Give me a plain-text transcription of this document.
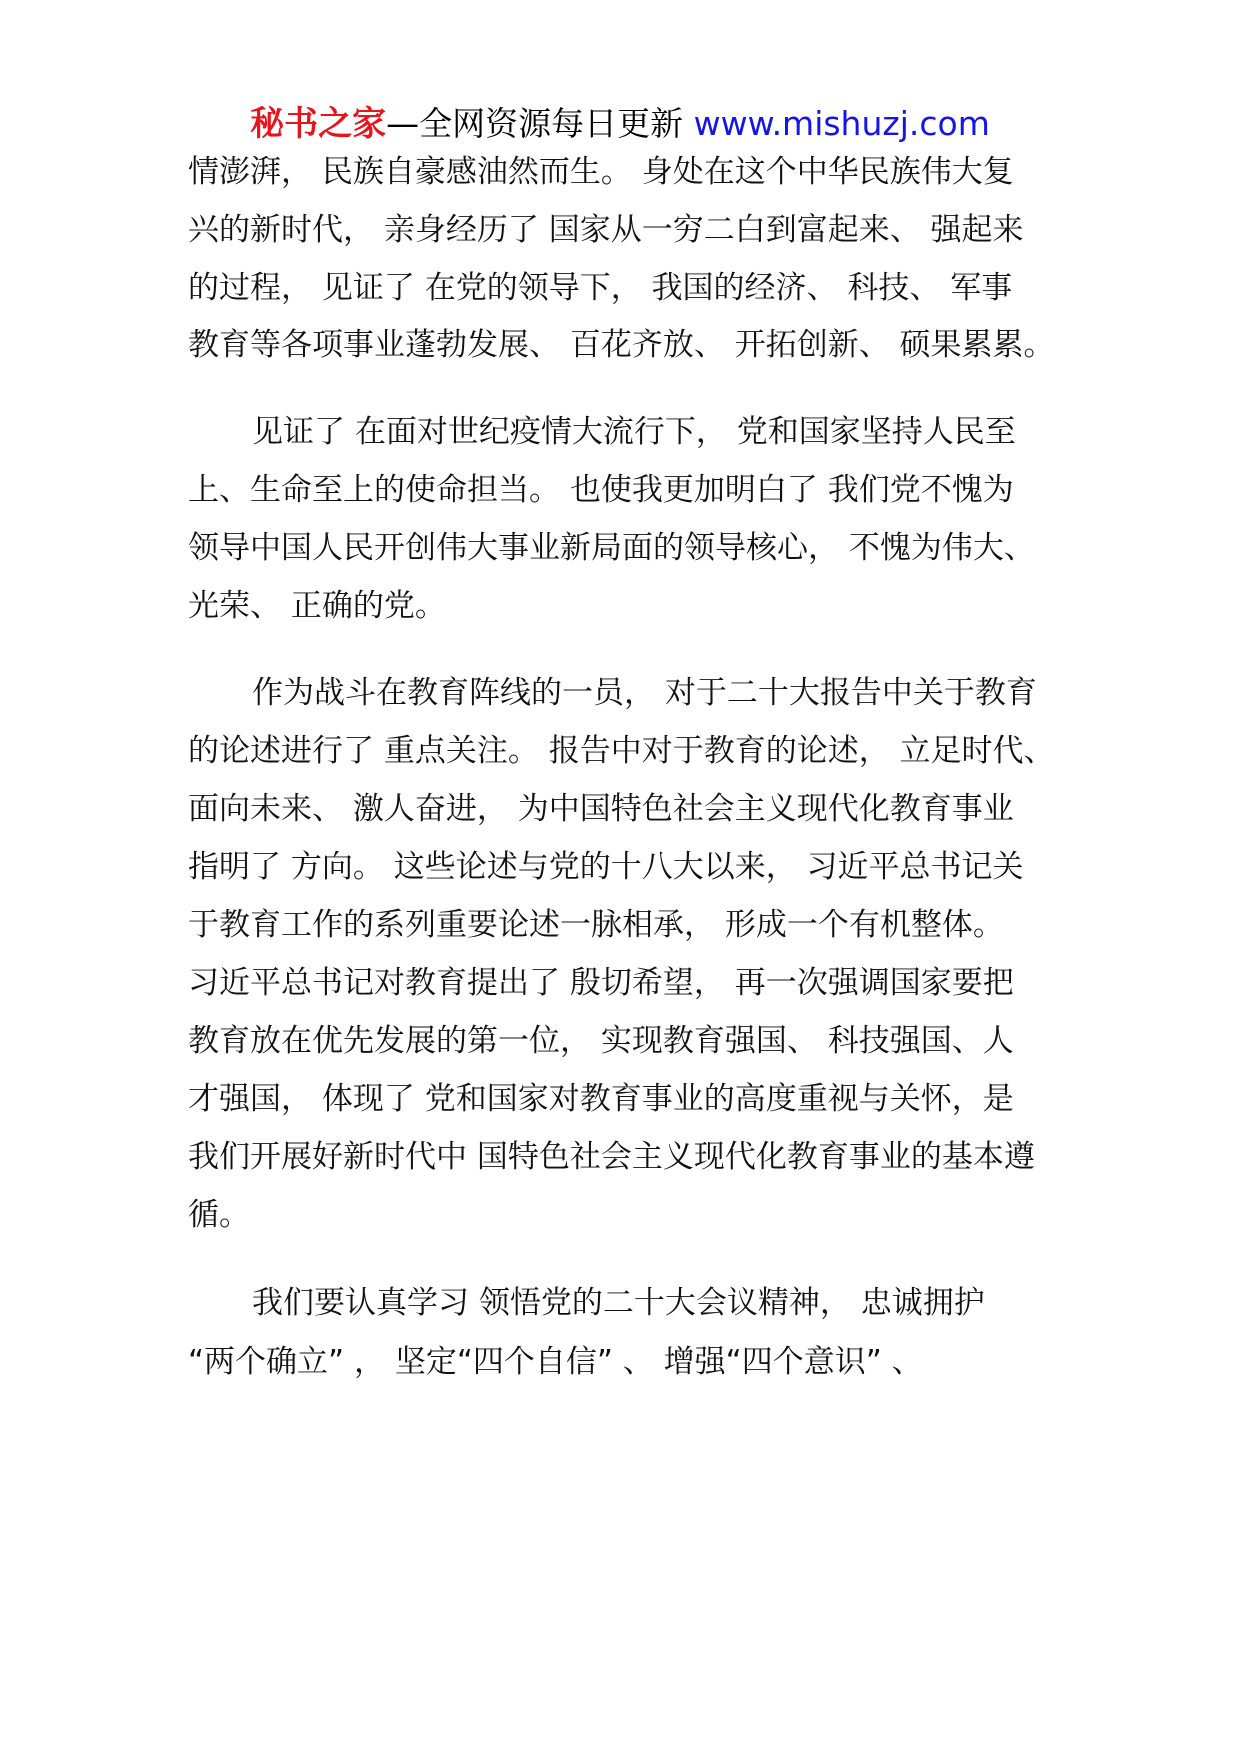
秘书之家—全网资源每日更新 www.mishuzj.com
情澎湃， 民族自豪感油然而生。 身处在这个中华民族伟大复
兴的新时代， 亲身经历了 国家从一穷二白到富起来、 强起来
的过程， 见证了 在党的领导下， 我国的经济、 科技、 军事
教育等各项事业蓬勃发展、 百花齐放、 开拓创新、 硕果累累。
见证了 在面对世纪疫情大流行下， 党和国家坚持人民至
上、生命至上的使命担当。 也使我更加明白了 我们党不愧为
领导中国人民开创伟大事业新局面的领导核心， 不愧为伟大、
光荣、 正确的党。
作为战斗在教育阵线的一员， 对于二十大报告中关于教育
的论述进行了 重点关注。 报告中对于教育的论述， 立足时代、
面向未来、 激人奋进， 为中国特色社会主义现代化教育事业
指明了 方向。 这些论述与党的十八大以来， 习近平总书记关
于教育工作的系列重要论述一脉相承， 形成一个有机整体。
习近平总书记对教育提出了 殷切希望， 再一次强调国家要把
教育放在优先发展的第一位， 实现教育强国、 科技强国、人
才强国， 体现了 党和国家对教育事业的高度重视与关怀，是
我们开展好新时代中 国特色社会主义现代化教育事业的基本遵
循。
我们要认真学习 领悟党的二十大会议精神， 忠诚拥护
“两个确立” ， 坚定“四个自信” 、 增强“四个意识” 、
